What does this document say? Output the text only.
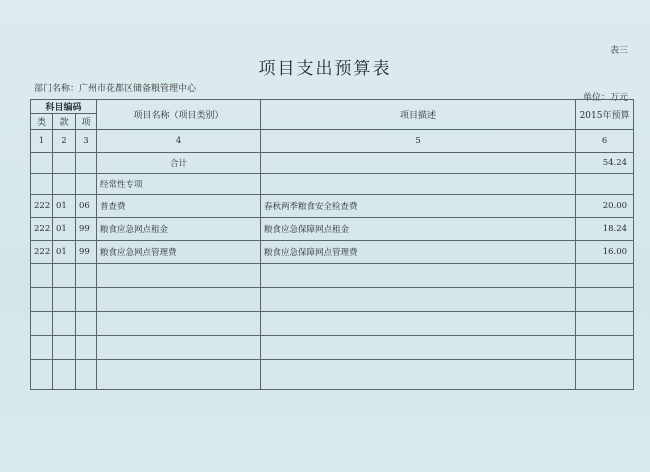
项目支出预算表
表三
部门名称：广州市花都区储备粮管理中心
单位：万元
科目编码			项目名称（项目类别）	项目描述	2015年预算
类	款	项			
1	2	3	4	5	6
			合计		54.24
			经常性专项		
222	01	06	普查费	春秋两季粮食安全检查费	20.00
222	01	99	粮食应急网点租金	粮食应急保障网点租金	18.24
222	01	99	粮食应急网点管理费	粮食应急保障网点管理费	16.00
